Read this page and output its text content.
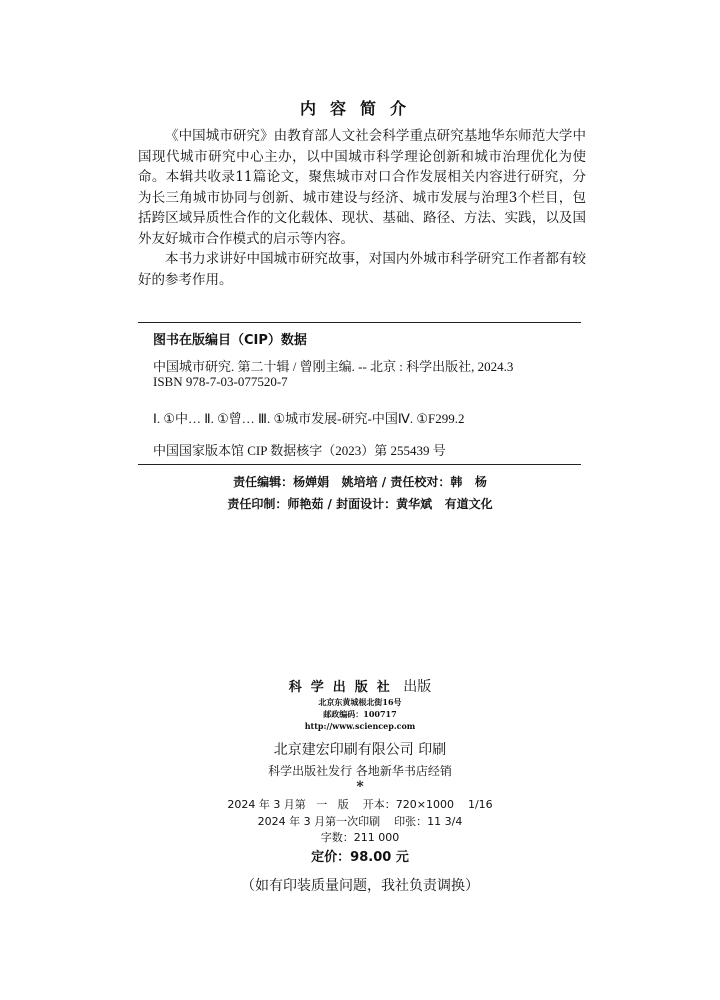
内容简介

《中国城市研究》由教育部人文社会科学重点研究基地华东师范大学中国现代城市研究中心主办，以中国城市科学理论创新和城市治理优化为使命。本辑共收录11篇论文，聚焦城市对口合作发展相关内容进行研究，分为长三角城市协同与创新、城市建设与经济、城市发展与治理3个栏目，包括跨区域异质性合作的文化载体、现状、基础、路径、方法、实践，以及国外友好城市合作模式的启示等内容。

本书力求讲好中国城市研究故事，对国内外城市科学研究工作者都有较好的参考作用。

图书在版编目（CIP）数据
中国城市研究. 第二十辑 / 曾刚主编. -- 北京 : 科学出版社, 2024.3
ISBN 978-7-03-077520-7
Ⅰ. ①中… Ⅱ. ①曾… Ⅲ. ①城市发展-研究-中国Ⅳ. ①F299.2
中国国家版本馆 CIP 数据核字（2023）第 255439 号
责任编辑：杨婵娟   姚培培 / 责任校对：韩   杨
责任印制：师艳茹 / 封面设计：黄华斌   有道文化
科学出版社 出版
北京东黄城根北街16号
邮政编码：100717
http://www.sciencep.com
北京建宏印刷有限公司 印刷
科学出版社发行 各地新华书店经销
*
2024 年 3 月第   一   版    开本：720×1000    1/16
2024 年 3 月第一次印刷    印张：11 3/4
字数：211 000
定价：98.00 元
（如有印装质量问题，我社负责调换）
